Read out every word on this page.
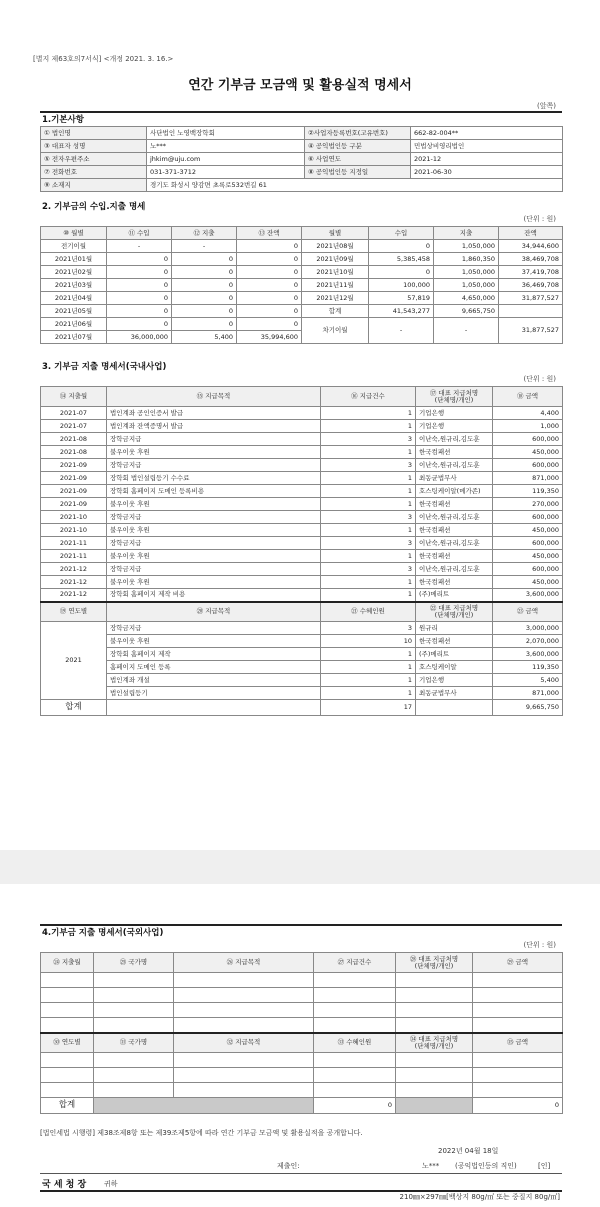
[별지 제63호의7서식] <개정 2021. 3. 16.>
연간 기부금 모금액 및 활용실적 명세서
(앞쪽)
1.기본사항
① 법인명	사단법인 노영백장학회	②사업자등록번호(고유번호)	662-82-004**
③ 대표자 성명	노***	④ 공익법인등 구분	민법상비영리법인
⑤ 전자우편주소	jhkim@uju.com	⑥ 사업연도	2021-12
⑦ 전화번호	031-371-3712	⑧ 공익법인등 지정일	2021-06-30
⑨ 소재지	경기도 화성시 양감면 초록로532번길 61		
2. 기부금의 수입.지출 명세
(단위 : 원)
⑩ 월별	⑪ 수입	⑫ 지출	⑬ 잔액	월별	수입	지출	잔액
전기이월	-	-	0	2021년08월	0	1,050,000	34,944,600
2021년01월	0	0	0	2021년09월	5,385,458	1,860,350	38,469,708
2021년02월	0	0	0	2021년10월	0	1,050,000	37,419,708
2021년03월	0	0	0	2021년11월	100,000	1,050,000	36,469,708
2021년04월	0	0	0	2021년12월	57,819	4,650,000	31,877,527
2021년05월	0	0	0	합계	41,543,277	9,665,750	
2021년06월	0	0	0	차기이월	-	-	31,877,527
2021년07월	36,000,000	5,400	35,994,600				
3. 기부금 지출 명세서(국내사업)
(단위 : 원)
⑭ 지출월	⑮ 지급목적	⑯ 지급건수	⑰ 대표 지급처명
(단체명/개인)	⑱ 금액
2021-07	법인계좌 공인인증서 발급	1	기업은행	4,400
2021-07	법인계좌 잔액증명서 발급	1	기업은행	1,000
2021-08	장학금지급	3	이난숙,원규리,김도훈	600,000
2021-08	불우이웃 후원	1	한국컴패션	450,000
2021-09	장학금지급	3	이난숙,원규리,김도훈	600,000
2021-09	장학회 법인설립등기 수수료	1	최동균법무사	871,000
2021-09	장학회 홈페이지 도메인 등록비용	1	호스팅케이알(메가존)	119,350
2021-09	불우이웃 후원	1	한국컴패션	270,000
2021-10	장학금지급	3	이난숙,원규리,김도훈	600,000
2021-10	불우이웃 후원	1	한국컴패션	450,000
2021-11	장학금지급	3	이난숙,원규리,김도훈	600,000
2021-11	불우이웃 후원	1	한국컴패션	450,000
2021-12	장학금지급	3	이난숙,원규리,김도훈	600,000
2021-12	불우이웃 후원	1	한국컴패션	450,000
2021-12	장학회 홈페이지 제작 비용	1	(주)메리트	3,600,000
⑲ 연도별	⑳ 지급목적	㉑ 수혜인원	㉒ 대표 지급처명
(단체명/개인)	㉓ 금액
2021	장학금지급	3	원규리	3,000,000
	불우이웃 후원	10	한국컴패션	2,070,000
	장학회 홈페이지 제작	1	(주)메리트	3,600,000
	홈페이지 도메인 등록	1	호스팅케이알	119,350
	법인계좌 개설	1	기업은행	5,400
	법인설립등기	1	최동균법무사	871,000
합계		17		9,665,750
4.기부금 지출 명세서(국외사업)
(단위 : 원)
㉔ 지출월	㉕ 국가명	㉖ 지급목적	㉗ 지급건수	㉘ 대표 지급처명
(단체명/개인)	㉙ 금액

㉚ 연도별	㉛ 국가명	㉜ 지급목적	㉝ 수혜인원	㉞ 대표 지급처명
(단체명/개인)	㉟ 금액

합계			0		0
[법인세법 시행령] 제38조제8항 또는 제39조제5항에 따라 연간 기부금 모금액 및 활용실적을 공개합니다.
2022년 04월 18일
제출인:	노*** (공익법인등의 직인)	[인]
국 세 청 장	귀하
210㎜×297㎜[백상지 80g/㎡ 또는 중질지 80g/㎡]
